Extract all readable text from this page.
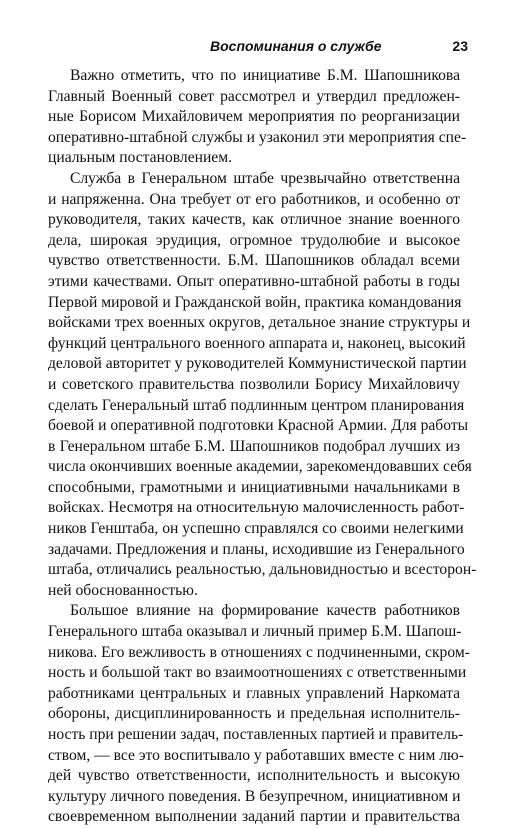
Воспоминания о службе	23
Важно отметить, что по инициативе Б.М. Шапошникова
Главный Военный совет рассмотрел и утвердил предложен-
ные Борисом Михайловичем мероприятия по реорганизации
оперативно-штабной службы и узаконил эти мероприятия спе-
циальным постановлением.
Служба в Генеральном штабе чрезвычайно ответственна
и напряженна. Она требует от его работников, и особенно от
руководителя, таких качеств, как отличное знание военного
дела, широкая эрудиция, огромное трудолюбие и высокое
чувство ответственности. Б.М. Шапошников обладал всеми
этими качествами. Опыт оперативно-штабной работы в годы
Первой мировой и Гражданской войн, практика командования
войсками трех военных округов, детальное знание структуры и
функций центрального военного аппарата и, наконец, высокий
деловой авторитет у руководителей Коммунистической партии
и советского правительства позволили Борису Михайловичу
сделать Генеральный штаб подлинным центром планирования
боевой и оперативной подготовки Красной Армии. Для работы
в Генеральном штабе Б.М. Шапошников подобрал лучших из
числа окончивших военные академии, зарекомендовавших себя
способными, грамотными и инициативными начальниками в
войсках. Несмотря на относительную малочисленность работ-
ников Генштаба, он успешно справлялся со своими нелегкими
задачами. Предложения и планы, исходившие из Генерального
штаба, отличались реальностью, дальновидностью и всесторон-
ней обоснованностью.
Большое влияние на формирование качеств работников
Генерального штаба оказывал и личный пример Б.М. Шапош-
никова. Его вежливость в отношениях с подчиненными, скром-
ность и большой такт во взаимоотношениях с ответственными
работниками центральных и главных управлений Наркомата
обороны, дисциплинированность и предельная исполнитель-
ность при решении задач, поставленных партией и правитель-
ством, — все это воспитывало у работавших вместе с ним лю-
дей чувство ответственности, исполнительность и высокую
культуру личного поведения. В безупречном, инициативном и
своевременном выполнении заданий партии и правительства
